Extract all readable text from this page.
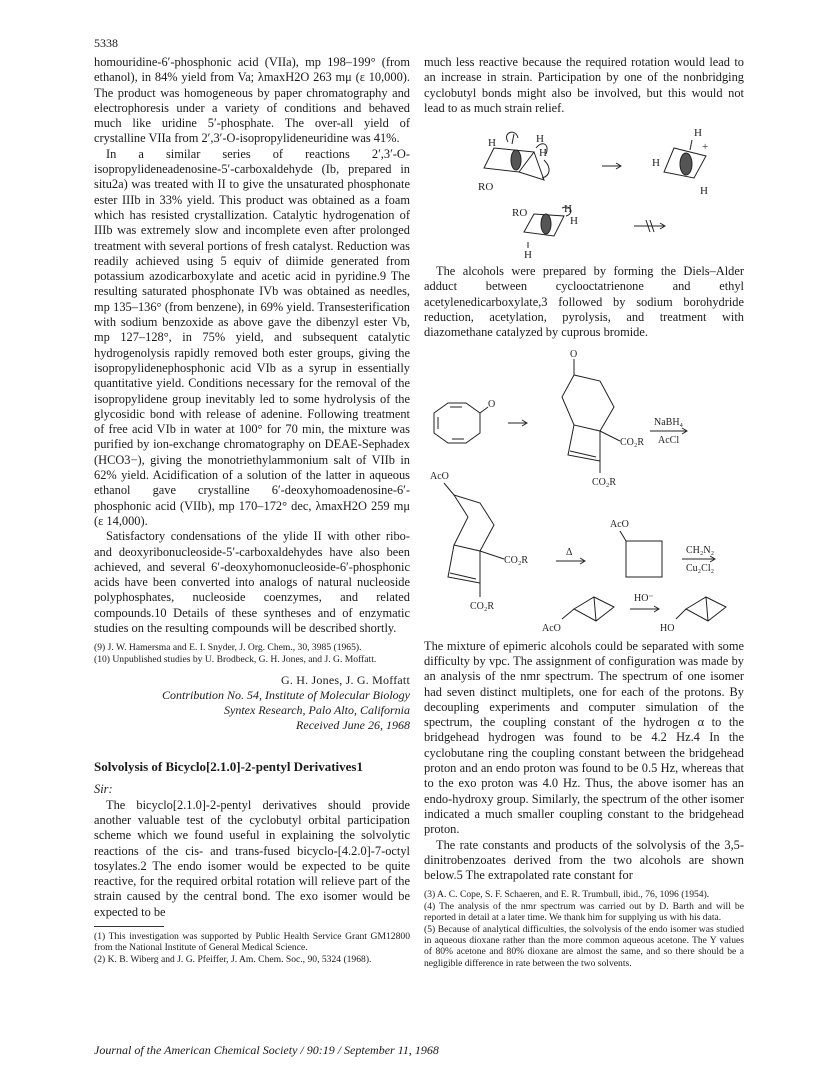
5338

homouridine-6′-phosphonic acid (VIIa), mp 198–199° (from ethanol), in 84% yield from Va; λmaxH2O 263 mμ (ε 10,000). The product was homogeneous by paper chromatography and electrophoresis under a variety of conditions and behaved much like uridine 5′-phosphate. The over-all yield of crystalline VIIa from 2′,3′-O-isopropylideneuridine was 41%.

In a similar series of reactions 2′,3′-O-isopropylideneadenosine-5′-carboxaldehyde (Ib, prepared in situ2a) was treated with II to give the unsaturated phosphonate ester IIIb in 33% yield. This product was obtained as a foam which has resisted crystallization. Catalytic hydrogenation of IIIb was extremely slow and incomplete even after prolonged treatment with several portions of fresh catalyst. Reduction was readily achieved using 5 equiv of diimide generated from potassium azodicarboxylate and acetic acid in pyridine.9 The resulting saturated phosphonate IVb was obtained as needles, mp 135–136° (from benzene), in 69% yield. Transesterification with sodium benzoxide as above gave the dibenzyl ester Vb, mp 127–128°, in 75% yield, and subsequent catalytic hydrogenolysis rapidly removed both ester groups, giving the isopropylidenephosphonic acid VIb as a syrup in essentially quantitative yield. Conditions necessary for the removal of the isopropylidene group inevitably led to some hydrolysis of the glycosidic bond with release of adenine. Following treatment of free acid VIb in water at 100° for 70 min, the mixture was purified by ion-exchange chromatography on DEAE-Sephadex (HCO3−), giving the monotriethylammonium salt of VIIb in 62% yield. Acidification of a solution of the latter in aqueous ethanol gave crystalline 6′-deoxyhomoadenosine-6′-phosphonic acid (VIIb), mp 170–172° dec, λmaxH2O 259 mμ (ε 14,000).

Satisfactory condensations of the ylide II with other ribo- and deoxyribonucleoside-5′-carboxaldehydes have also been achieved, and several 6′-deoxyhomonucleoside-6′-phosphonic acids have been converted into analogs of natural nucleoside polyphosphates, nucleoside coenzymes, and related compounds.10 Details of these syntheses and of enzymatic studies on the resulting compounds will be described shortly.

(9) J. W. Hamersma and E. I. Snyder, J. Org. Chem., 30, 3985 (1965).

(10) Unpublished studies by U. Brodbeck, G. H. Jones, and J. G. Moffatt.

G. H. Jones, J. G. Moffatt
Contribution No. 54, Institute of Molecular Biology
Syntex Research, Palo Alto, California
Received June 26, 1968
Solvolysis of Bicyclo[2.1.0]-2-pentyl Derivatives1

Sir:

The bicyclo[2.1.0]-2-pentyl derivatives should provide another valuable test of the cyclobutyl orbital participation scheme which we found useful in explaining the solvolytic reactions of the cis- and trans-fused bicyclo-[4.2.0]-7-octyl tosylates.2 The endo isomer would be expected to be quite reactive, for the required orbital rotation will relieve part of the strain caused by the central bond. The exo isomer would be expected to be

(1) This investigation was supported by Public Health Service Grant GM12800 from the National Institute of General Medical Science.

(2) K. B. Wiberg and J. G. Pfeiffer, J. Am. Chem. Soc., 90, 5324 (1968).

much less reactive because the required rotation would lead to an increase in strain. Participation by one of the nonbridging cyclobutyl bonds might also be involved, but this would not lead to as much strain relief.

H	H
H
RO
H
+
H
H
RO	H
H
H

The alcohols were prepared by forming the Diels–Alder adduct between cyclooctatrienone and ethyl acetylenedicarboxylate,3 followed by sodium borohydride reduction, acetylation, pyrolysis, and treatment with diazomethane catalyzed by cuprous bromide.

O
O
CO₂R
CO₂R
NaBH₄
AcCl
AcO
CO₂R
CO₂R
Δ
AcO
CH₂N₂
Cu₂Cl₂
AcO
HO⁻
HO

The mixture of epimeric alcohols could be separated with some difficulty by vpc. The assignment of configuration was made by an analysis of the nmr spectrum. The spectrum of one isomer had seven distinct multiplets, one for each of the protons. By decoupling experiments and computer simulation of the spectrum, the coupling constant of the hydrogen α to the bridgehead hydrogen was found to be 4.2 Hz.4 In the cyclobutane ring the coupling constant between the bridgehead proton and an endo proton was found to be 0.5 Hz, whereas that to the exo proton was 4.0 Hz. Thus, the above isomer has an endo-hydroxy group. Similarly, the spectrum of the other isomer indicated a much smaller coupling constant to the bridgehead proton.

The rate constants and products of the solvolysis of the 3,5-dinitrobenzoates derived from the two alcohols are shown below.5 The extrapolated rate constant for

(3) A. C. Cope, S. F. Schaeren, and E. R. Trumbull, ibid., 76, 1096 (1954).

(4) The analysis of the nmr spectrum was carried out by D. Barth and will be reported in detail at a later time. We thank him for supplying us with his data.

(5) Because of analytical difficulties, the solvolysis of the endo isomer was studied in aqueous dioxane rather than the more common aqueous acetone. The Y values of 80% acetone and 80% dioxane are almost the same, and so there should be a negligible difference in rate between the two solvents.

Journal of the American Chemical Society / 90:19 / September 11, 1968
